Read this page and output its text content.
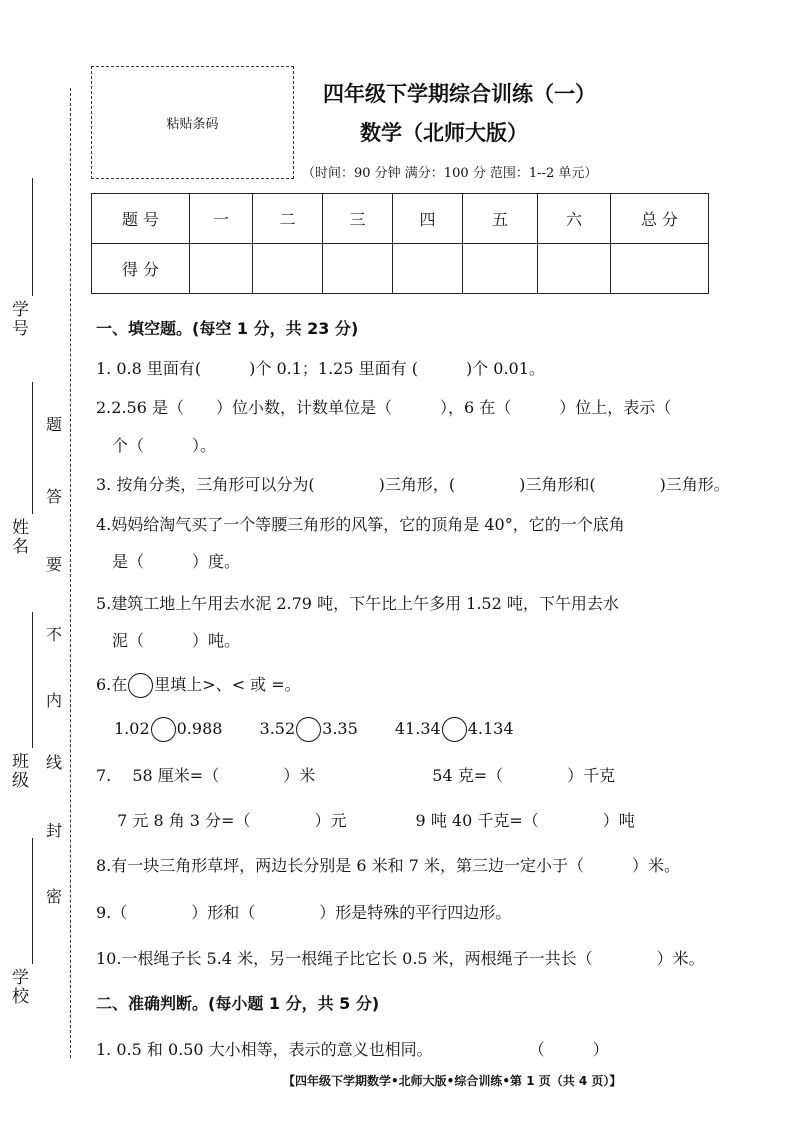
学号
姓名
班级
学校
题
答
要
不
内
线
封
密
粘贴条码
四年级下学期综合训练（一）
数学（北师大版）
（时间：90 分钟 满分：100 分 范围：1--2 单元）
题 号	一	二	三	四	五	六	总 分
得 分							
一、填空题。(每空 1 分，共 23 分)
1. 0.8 里面有(　　　)个 0.1；1.25 里面有 (　　　)个 0.01。
2.2.56 是（　　）位小数，计数单位是（　　　），6 在（　　　）位上，表示（　　
　个（　　　）。
3. 按角分类，三角形可以分为(　　　　)三角形，(　　　　)三角形和(　　　　)三角形。
4.妈妈给淘气买了一个等腰三角形的风筝，它的顶角是 40°，它的一个底角
　是（　　　）度。
5.建筑工地上午用去水泥 2.79 吨，下午比上午多用 1.52 吨，下午用去水
　泥（　　　）吨。
6.在 里填上>、< 或 =。
1.02 0.988　　 3.52 3.35　　 41.34 4.134
7.　 58 厘米=（　　　　）米　　　　　　　 54 克=（　　　　）千克
　 7 元 8 角 3 分=（　　　　）元　　　　 9 吨 40 千克=（　　　　）吨
8.有一块三角形草坪，两边长分别是 6 米和 7 米，第三边一定小于（　　　）米。
9.（　　　　）形和（　　　　）形是特殊的平行四边形。
10.一根绳子长 5.4 米，另一根绳子比它长 0.5 米，两根绳子一共长（　　　　）米。
二、准确判断。(每小题 1 分，共 5 分)
1. 0.5 和 0.50 大小相等，表示的意义也相同。　　　　　　　（　　　）
【四年级下学期数学•北师大版•综合训练•第 1 页（共 4 页）】
